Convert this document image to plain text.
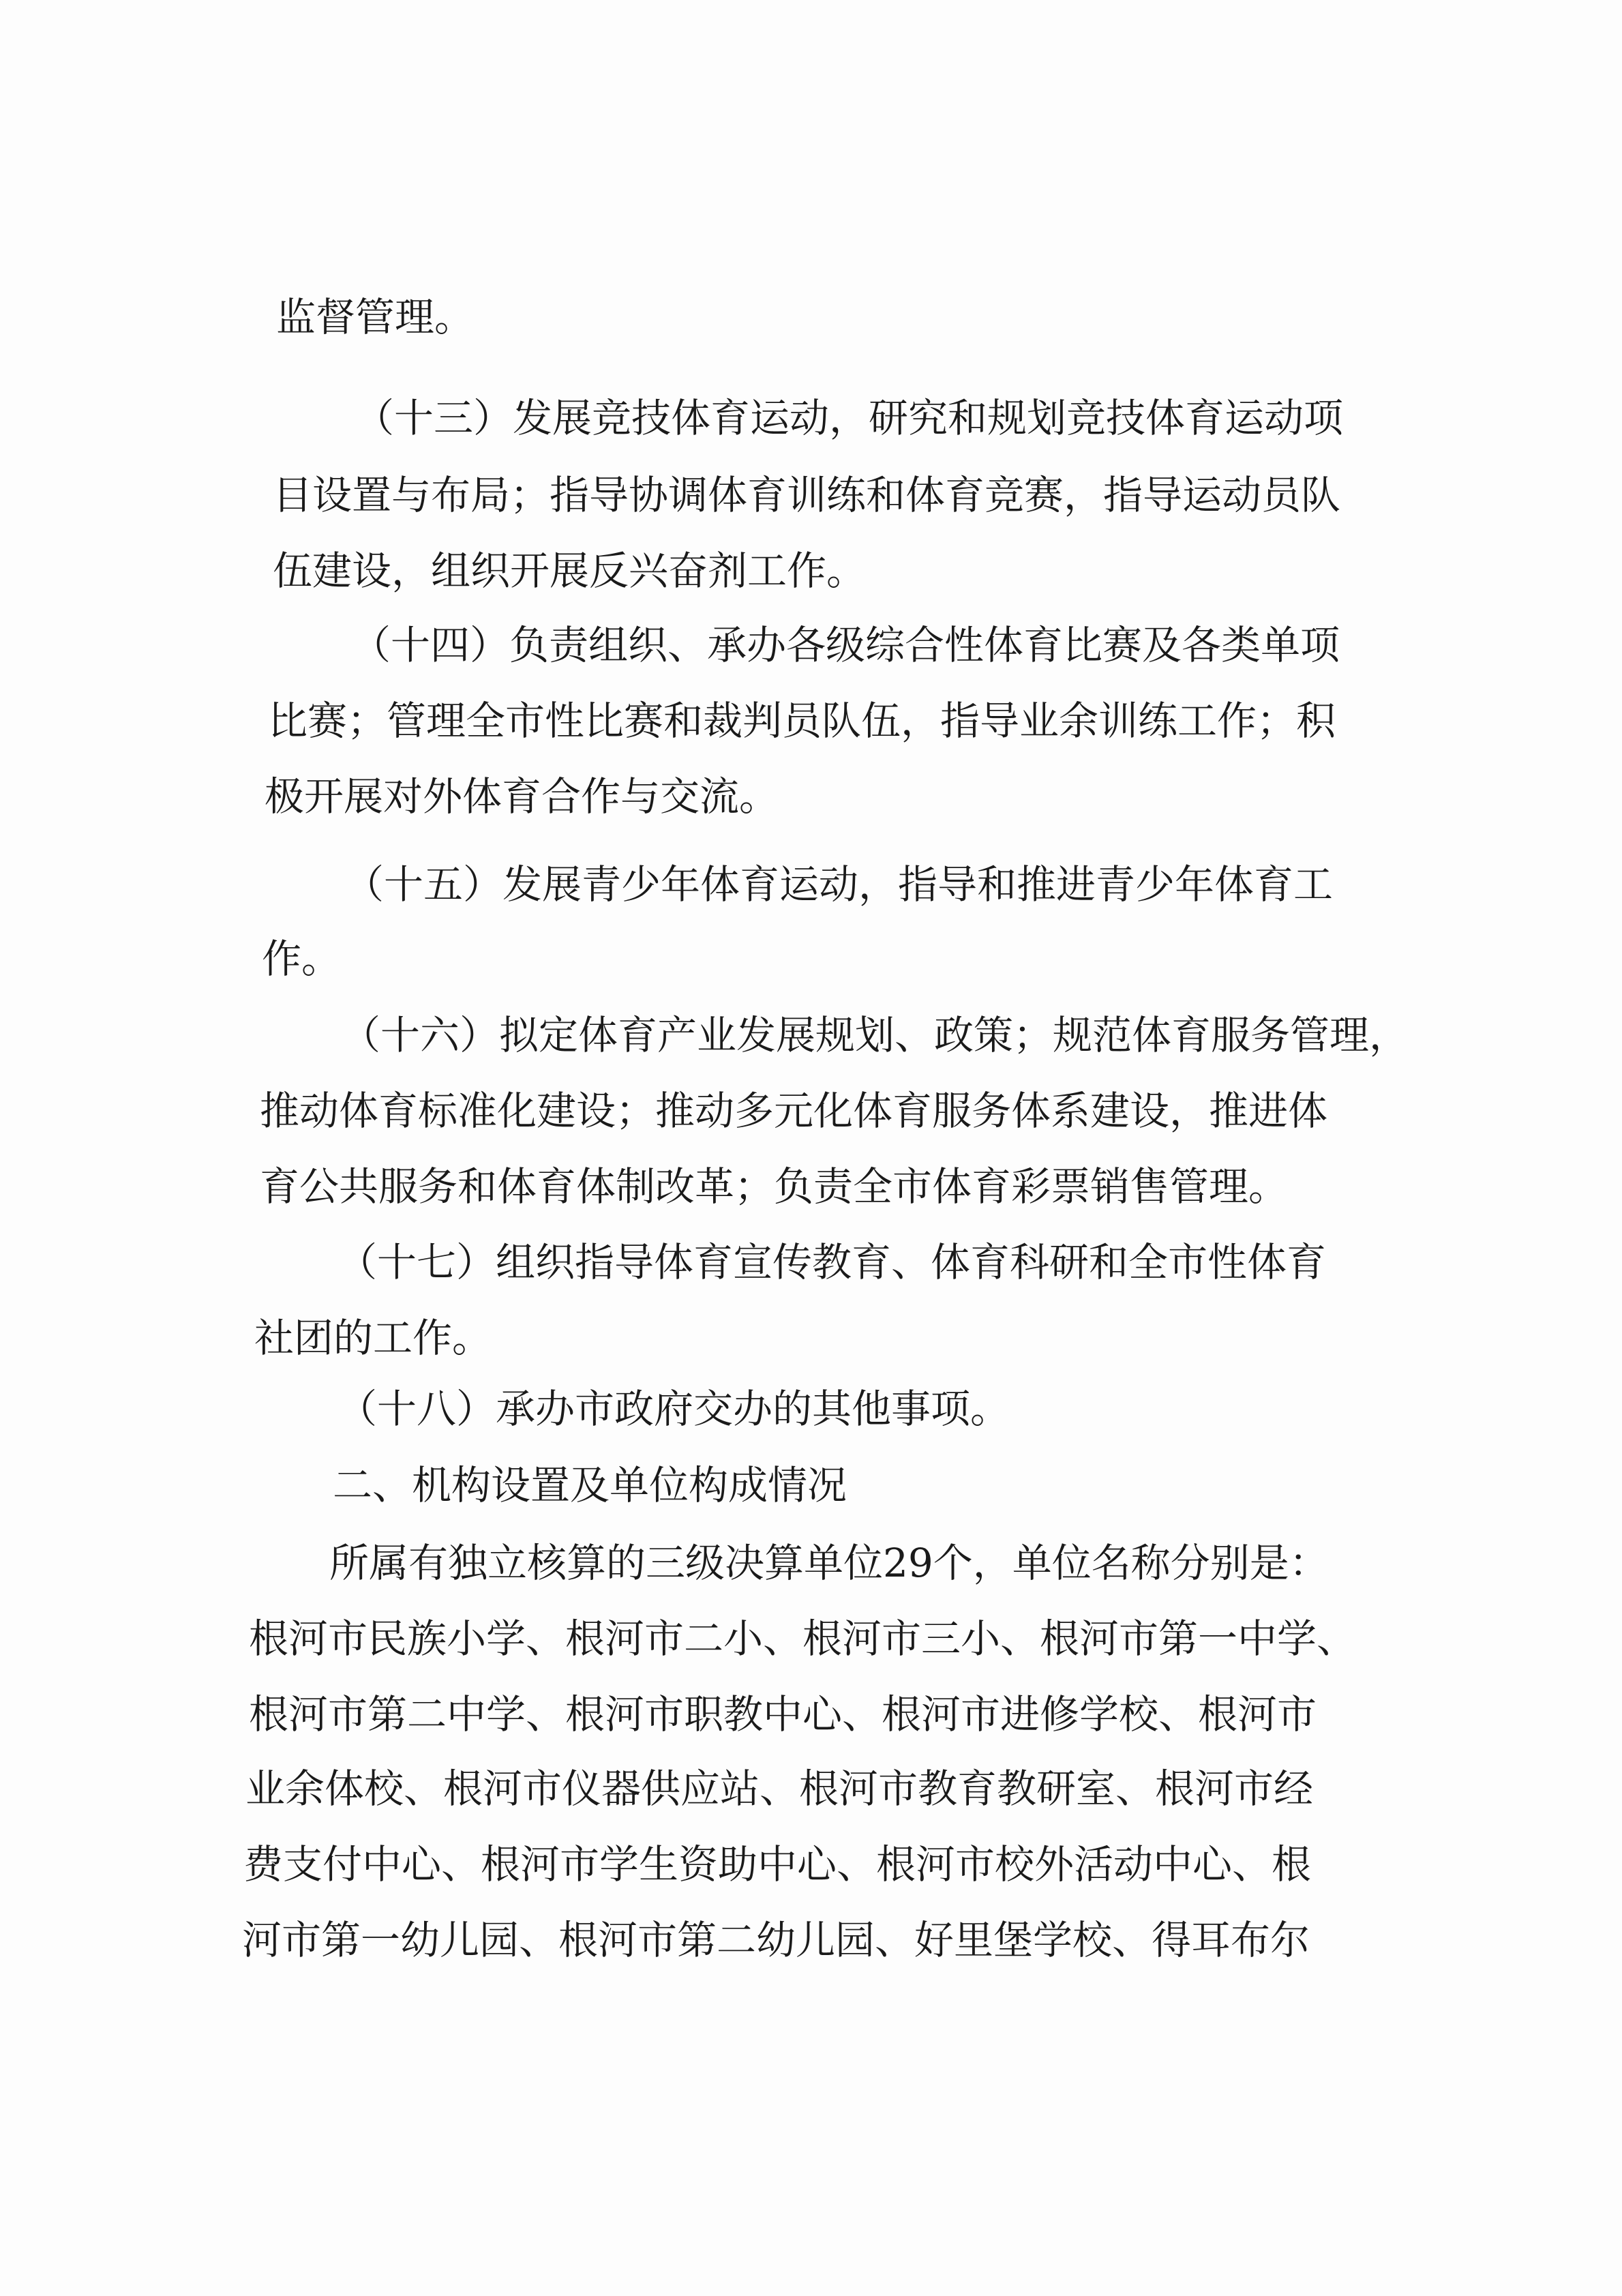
监督管理。
（十三）发展竞技体育运动，研究和规划竞技体育运动项
目设置与布局；指导协调体育训练和体育竞赛，指导运动员队
伍建设，组织开展反兴奋剂工作。
（十四）负责组织、承办各级综合性体育比赛及各类单项
比赛；管理全市性比赛和裁判员队伍，指导业余训练工作；积
极开展对外体育合作与交流。
（十五）发展青少年体育运动，指导和推进青少年体育工
作。
（十六）拟定体育产业发展规划、政策；规范体育服务管理，
推动体育标准化建设；推动多元化体育服务体系建设，推进体
育公共服务和体育体制改革；负责全市体育彩票销售管理。
（十七）组织指导体育宣传教育、体育科研和全市性体育
社团的工作。
（十八）承办市政府交办的其他事项。
二、机构设置及单位构成情况
所属有独立核算的三级决算单位29个，单位名称分别是：
根河市民族小学、根河市二小、根河市三小、根河市第一中学、
根河市第二中学、根河市职教中心、根河市进修学校、根河市
业余体校、根河市仪器供应站、根河市教育教研室、根河市经
费支付中心、根河市学生资助中心、根河市校外活动中心、根
河市第一幼儿园、根河市第二幼儿园、好里堡学校、得耳布尔
